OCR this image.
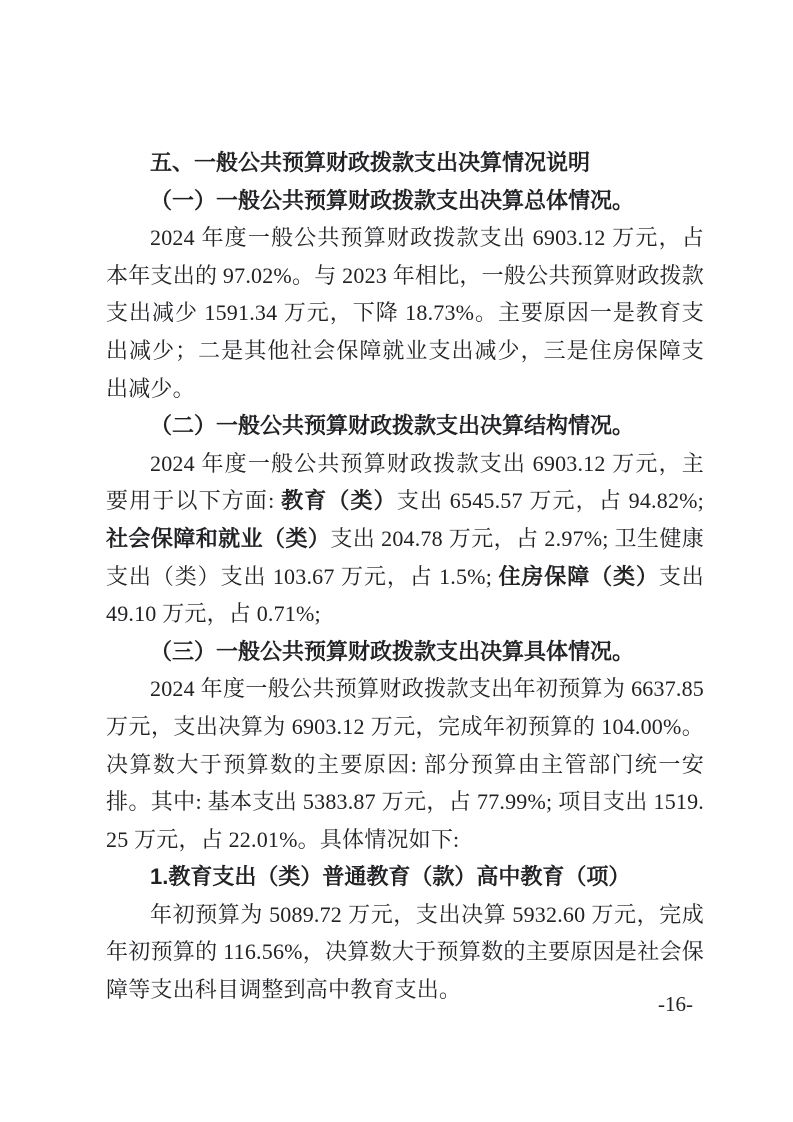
五、一般公共预算财政拨款支出决算情况说明

（一）一般公共预算财政拨款支出决算总体情况。

2024 年度一般公共预算财政拨款支出 6903.12 万元，占本年支出的 97.02%。与 2023 年相比，一般公共预算财政拨款支出减少 1591.34 万元，下降 18.73%。主要原因一是教育支出减少；二是其他社会保障就业支出减少，三是住房保障支出减少。

（二）一般公共预算财政拨款支出决算结构情况。

2024 年度一般公共预算财政拨款支出 6903.12 万元，主要用于以下方面: 教育（类）支出 6545.57 万元，占 94.82%; 社会保障和就业（类）支出 204.78 万元，占 2.97%; 卫生健康支出（类）支出 103.67 万元，占 1.5%; 住房保障（类）支出 49.10 万元，占 0.71%;

（三）一般公共预算财政拨款支出决算具体情况。

2024 年度一般公共预算财政拨款支出年初预算为 6637.85 万元，支出决算为 6903.12 万元，完成年初预算的 104.00%。决算数大于预算数的主要原因: 部分预算由主管部门统一安排。其中: 基本支出 5383.87 万元，占 77.99%; 项目支出 1519.25 万元，占 22.01%。具体情况如下:

1.教育支出（类）普通教育（款）高中教育（项）

年初预算为 5089.72 万元，支出决算 5932.60 万元，完成年初预算的 116.56%，决算数大于预算数的主要原因是社会保障等支出科目调整到高中教育支出。

-16-
